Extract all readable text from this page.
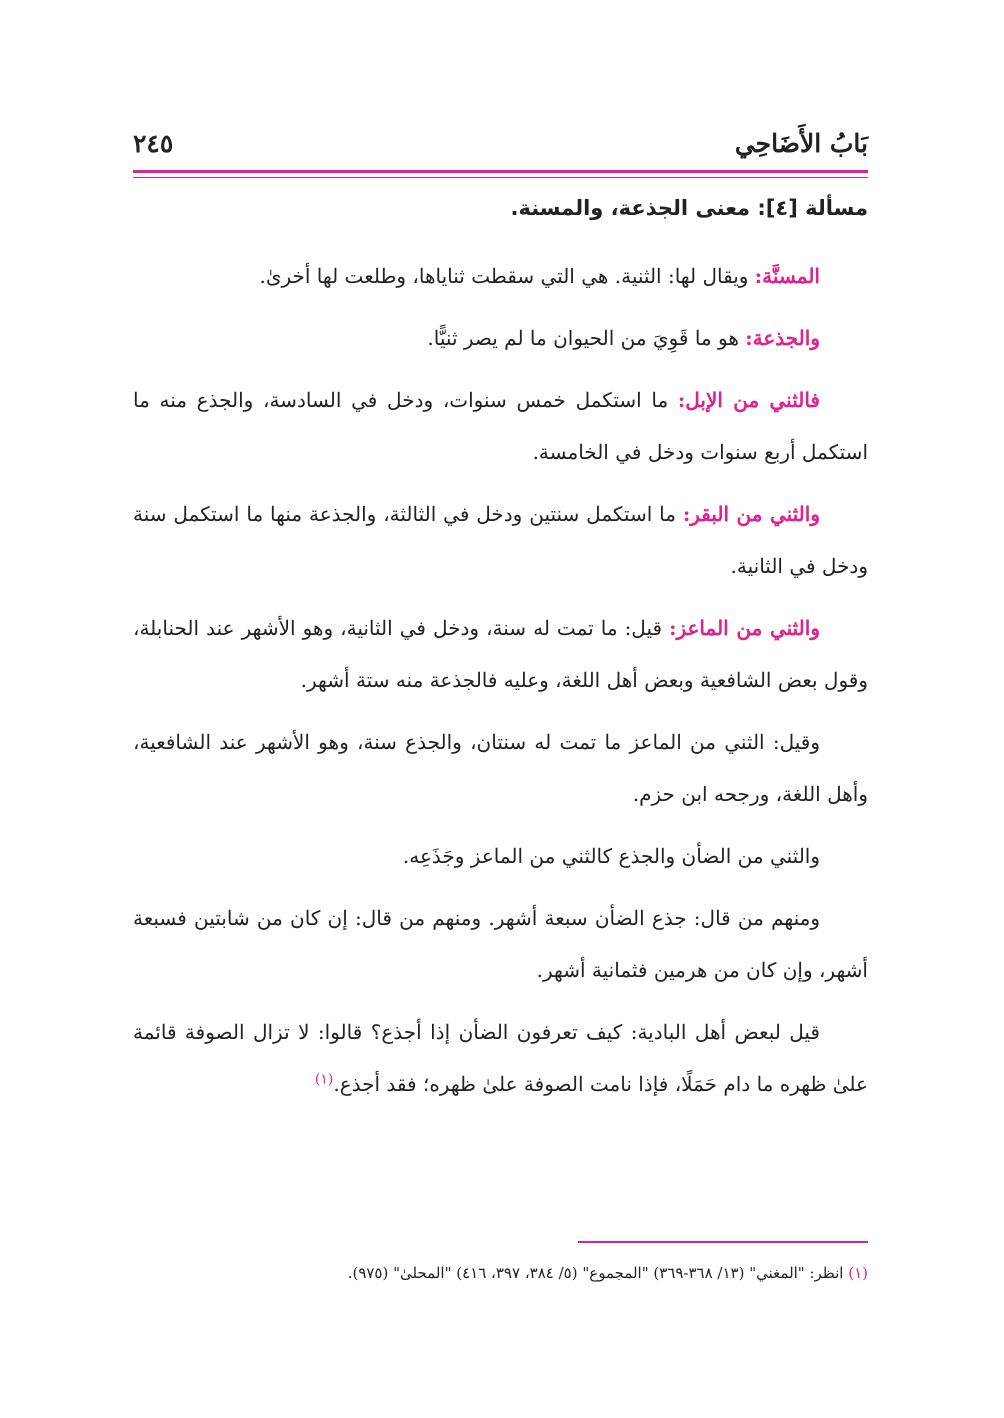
بَابُ الأَضَاحِي
٢٤٥
مسألة [٤]: معنى الجذعة، والمسنة.

المسنَّة: ويقال لها: الثنية. هي التي سقطت ثناياها، وطلعت لها أخرىٰ.

والجذعة: هو ما قَوِيَ من الحيوان ما لم يصر ثنيًّا.

فالثني من الإبل: ما استكمل خمس سنوات، ودخل في السادسة، والجذع منه ما استكمل أربع سنوات ودخل في الخامسة.

والثني من البقر: ما استكمل سنتين ودخل في الثالثة، والجذعة منها ما استكمل سنة ودخل في الثانية.

والثني من الماعز: قيل: ما تمت له سنة، ودخل في الثانية، وهو الأشهر عند الحنابلة، وقول بعض الشافعية وبعض أهل اللغة، وعليه فالجذعة منه ستة أشهر.

وقيل: الثني من الماعز ما تمت له سنتان، والجذع سنة، وهو الأشهر عند الشافعية، وأهل اللغة، ورجحه ابن حزم.

والثني من الضأن والجذع كالثني من الماعز وجَذَعِه.

ومنهم من قال: جذع الضأن سبعة أشهر. ومنهم من قال: إن كان من شابتين فسبعة أشهر، وإن كان من هرمين فثمانية أشهر.

قيل لبعض أهل البادية: كيف تعرفون الضأن إذا أجذع؟ قالوا: لا تزال الصوفة قائمة علىٰ ظهره ما دام حَمَلًا، فإذا نامت الصوفة علىٰ ظهره؛ فقد أجذع.$^{(١)}$

(١) انظر: "المغني" (١٣/ ٣٦٨-٣٦٩) "المجموع" (٥/ ٣٨٤، ٣٩٧، ٤١٦) "المحلىٰ" (٩٧٥).
